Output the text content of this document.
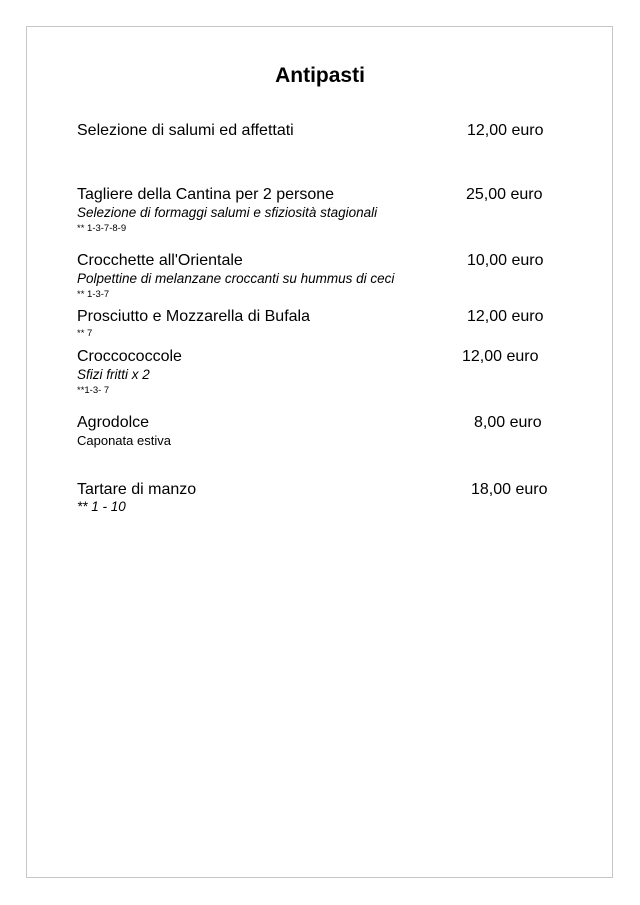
Antipasti
Selezione di salumi ed affettati	12,00 euro
Tagliere della Cantina per 2 persone	25,00 euro
Selezione di formaggi salumi e sfiziosità stagionali
** 1-3-7-8-9
Crocchette all'Orientale	10,00 euro
Polpettine di melanzane croccanti su hummus di ceci
** 1-3-7
Prosciutto e Mozzarella di Bufala	12,00 euro
** 7
Croccococcole	12,00 euro
Sfizi fritti x 2
**1-3- 7
Agrodolce	8,00 euro
Caponata estiva
Tartare di manzo	18,00 euro
** 1 - 10
